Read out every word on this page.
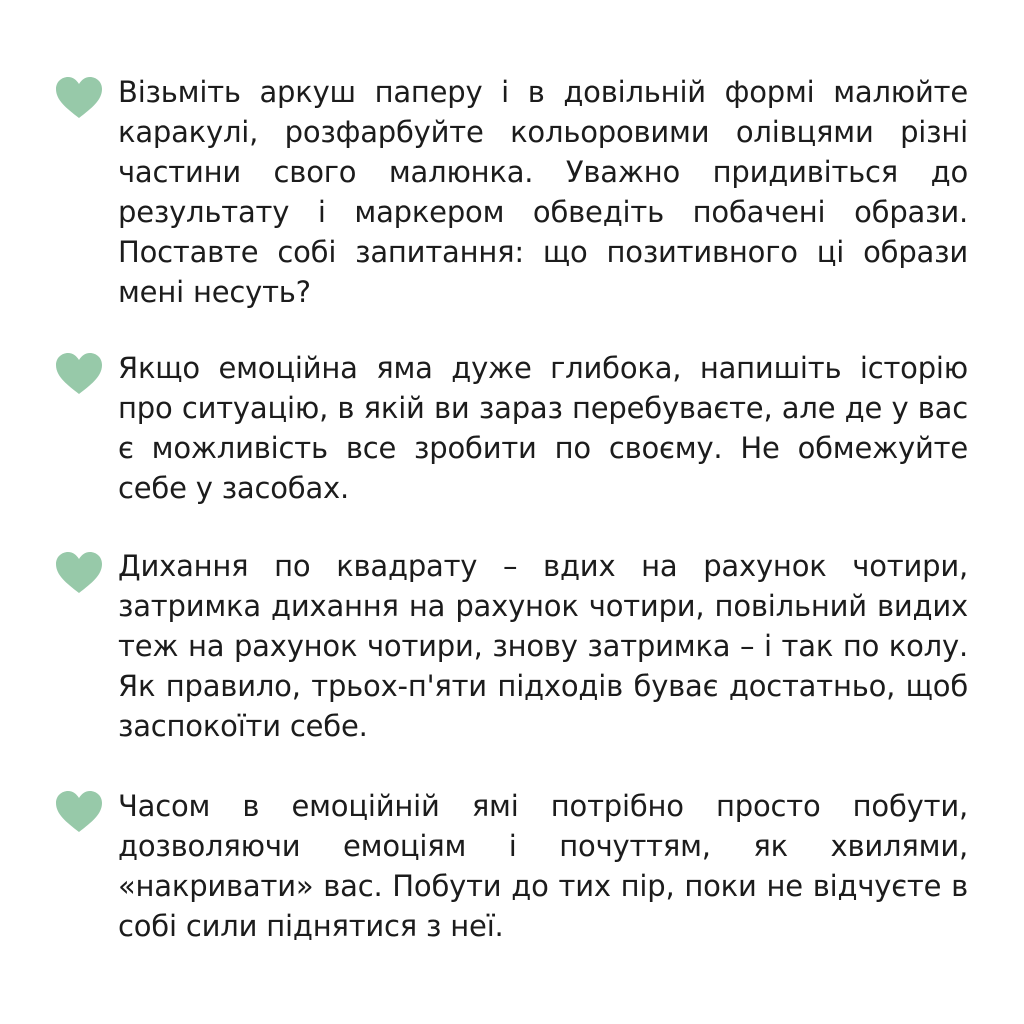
Візьміть аркуш паперу і в довільній формі малюйте каракулі, розфарбуйте кольоровими олівцями різні частини свого малюнка. Уважно придивіться до результату і маркером обведіть побачені образи. Поставте собі запитання: що позитивного ці образи мені несуть?

Якщо емоційна яма дуже глибока, напишіть історію про ситуацію, в якій ви зараз перебуваєте, але де у вас є можливість все зробити по своєму. Не обмежуйте себе у засобах.

Дихання по квадрату – вдих на рахунок чотири, затримка дихання на рахунок чотири, повільний видих теж на рахунок чотири, знову затримка – і так по колу. Як правило, трьох-п'яти підходів буває достатньо, щоб заспокоїти себе.

Часом в емоційній ямі потрібно просто побути, дозволяючи емоціям і почуттям, як хвилями, «накривати» вас. Побути до тих пір, поки не відчуєте в собі сили піднятися з неї.
